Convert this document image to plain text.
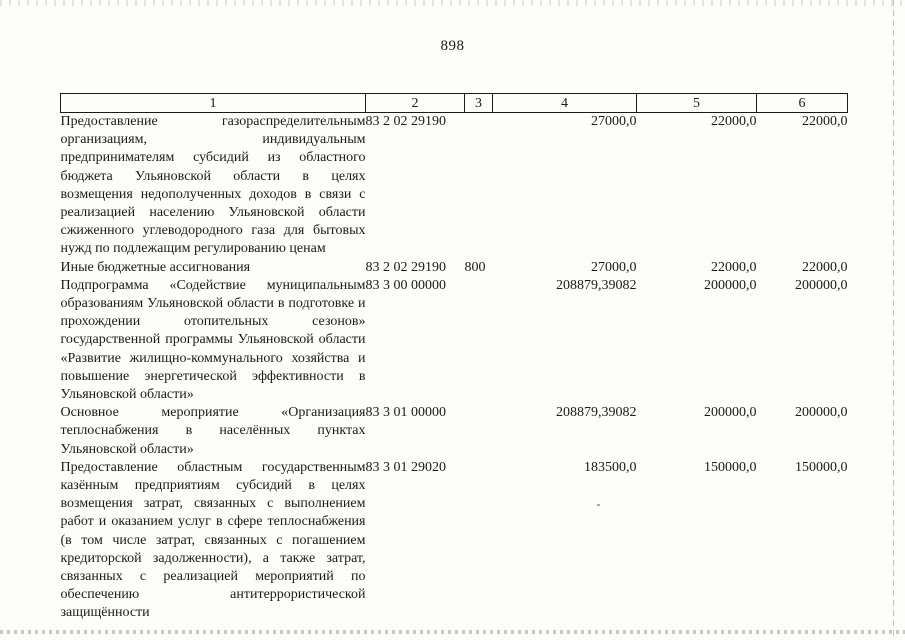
898
1	2	3	4	5	6
Предоставление газораспределительным организациям, индивидуальным предпринимателям субсидий из областного бюджета Ульяновской области в целях возмещения недополученных доходов в связи с реализацией населению Ульяновской области сжиженного углеводородного газа для бытовых нужд по подлежащим регулированию ценам	83 2 02 29190		27000,0	22000,0	22000,0
Иные бюджетные ассигнования	83 2 02 29190	800	27000,0	22000,0	22000,0
Подпрограмма «Содействие муниципальным образованиям Ульяновской области в подготовке и прохождении отопительных сезонов» государственной программы Ульяновской области «Развитие жилищно-коммунального хозяйства и повышение энергетической эффективности в Ульяновской области»	83 3 00 00000		208879,39082	200000,0	200000,0
Основное мероприятие «Организация теплоснабжения в населённых пунктах Ульяновской области»	83 3 01 00000		208879,39082	200000,0	200000,0
Предоставление областным государственным казённым предприятиям субсидий в целях возмещения затрат, связанных с выполнением работ и оказанием услуг в сфере теплоснабжения (в том числе затрат, связанных с погашением кредиторской задолженности), а также затрат, связанных с реализацией мероприятий по обеспечению антитеррористической защищённости	83 3 01 29020		183500,0	150000,0	150000,0
